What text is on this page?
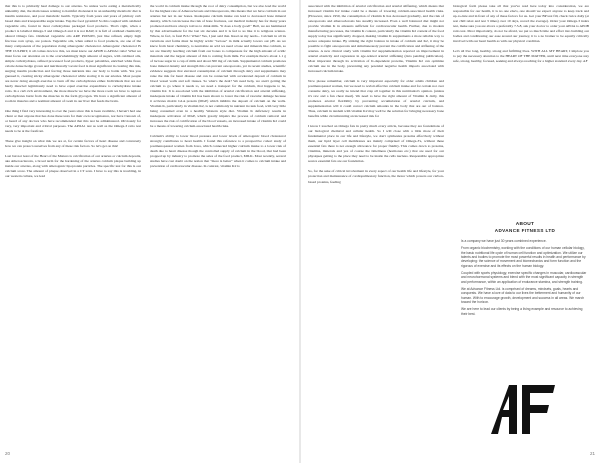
that this is to primarily heal damage to our arteries. So unless we're eating a metabolically unhealthy diet, the main issues relating to harmful cholesterol in an unhealthy metabolic diet is insulin resistance, and poor metabolic health. Typically from years and years of primary carb based diets and irresponsible sugar intake. Yup the food pyramid! So this coupled with oxidized vegetable oils, found in most carbohydrate packaged food products. That's right, when a product is labelled Omega-3 and Omega-6 and it is not RAW, it is full of oxidized chemically altered Omega fats. Oxidized vegetable oils ARE POISON, just like refined, empty high fructose corn syrup, are poison. Vegetable oils, when added to food products, are one of the many components of the population rising atherogenic cholesterol. Atherogenic cholesterol IS THE CULPRIT, it all comes down to this, we must know our APOB to APOA1 ratio! What we must focus our attention on is the overwhelmingly high amount of sugars, with oxidized oils, simple carbohydrates, refined processed food products, hyper palatables, enriched white flour, calorie dense hedge grown and nutritionally vacant food is most significant in creating this risk, surging insulin production and forcing those nutrients into our body to battle with. Yes you guessed it, creating sticky atherogenic cholesterol while storing it in our arteries. Most people are never doing enough exercise to burn off the carbohydrates either. Individuals that are not hardy muscled legitimately need to have equal exercise expenditure to carbohydrate intake ratio. In a carb rich environment, the more muscle we have the more room we have to replace carbohydrates burnt from the muscles in the form glycogen. We have a significant amount of room in muscles and a nominal amount of room in our liver that feeds the brain.

One thing I find very interesting is over the years since this is been available, I haven't had one client or met anyone that has done these tests for their own recognisance, nor have I known of, or heard of any doctors who have recommended that this test be administered. Obviously for very, very important and critical purposes. The APOA1 test as well as the Omega-3 ratio test needs to be at the forefront.

These give insight on what risk we are at, for certain factors of heart disease and conversely how we can protect ourselves from any of these risk factors. So let's get on this!

Last but not least of the Heart of the Matters is calcification of our arteries or calcium deposits, aka Atherosclerosis, a broad term for the hardening of the arteries calcium plaque building up inside our arteries, along with atherogenic lipoprotein particles. The specific test for this is our calcium score. The amount of plaque observed in a CT scan. I have to say this is troubling, in our western culture, we lead

the world in calcium intake through the root of dairy consumption, but we also lead the world for the highest rate of Atherosclerosis and Osteoporosis, this means that we have calcium in our arteries but not in our bones. Inadequate calcium intake can lead to decreased bone mineral density, which can increase the risk of bone fractures, our medical industry has for many years promoted and have always told us to drink milk. "It does a body good!" Hell, we are hammered by that advertisement for the last six decades and it is fed to us like it is religious science. Where, in fact, is fatal B.S.! What? Yes, I just said that. Read on my nerds... Calcium in all its variations and forms must be highly acidic "lactose" in milk actually lowers our pH. As we know from basic chemistry, to neutralize an acid we need a base and minerals like calcium, so we are literally leaching calcium from our bones to compensate for the high amount of acidic materials and the largest amount of this is coming from milk. For example there's about 1.1 g of lactose sugar in a cup of milk and about 300 mg of calcium. Supplemental calcium promotes bone mineral density and strength this can prevent osteoporosis, yet in recent studies, scientific evidence suggests that elevated consumption of calcium through dairy and supplements may raise the risk for heart disease and can be connected with accelerated deposit of calcium in blood vessel walls and soft tissues. So what's the deal? We need help, we aren't getting the calcium to go where it needs to, we need a transport for the calcium, that happens to be, vitamin K2. It is associated with the inhibition of arterial calcification and arterial stiffening, inadequate intake of vitamin K2 has been shown to lower the risk of vascular damage because it activates matrix GLA protein (MGP) which inhibits the deposit of calcium on the walls. Vitamin K, particularly in vitamin K2, is not commonly in nutrient in rank food, with very little being consumed even in a healthy Western style diet. Vitamin K deficiency results in inadequate activation of MGP, which greatly impairs the process of calcium removal and increases the risk of calcification of the blood vessels, an increased intake of vitamin K2 could be a means of lowering calcium-associated health risks.

Calcium's ability to lower blood pressure and lower levels of atherogenic blood cholesterol strongly contributes to heart health. I found this reference to a prospective cohort study of postmenopausal women from Iowa, which connected higher calcium intake to a lower risk of death due to heart disease though the controlled supply of calcium in the blood, that had been propped up by industry to promote the sales of the food product, MILK. Most recently, several studies have cast doubt on the notion that "more is better" when it comes to calcium intake and prevention of cardiovascular disease. In contrast, vitamin K2 is

20

associated with the inhibition of arterial calcification and arterial stiffening, which means that increased vitamin K2 intake could be a means of lowering calcium-associated health risks. (However, since 1950, the consumption of vitamin K has decreased gradually, and the risk of osteoporosis and atherosclerosis has steadily increased. Even a well balanced diet might not provide vitamin K in amounts sufficient for cardiovascular health. Further, due to modern manufacturing processes, the vitamin K content, particularly the vitamin K2 content of the food supply today has significantly dropped, making vitamin K supplements a more reliable way to secure adequate intake. By striking the right balance in intake of calcium and K2, it may be possible to fight osteoporosis and simultaneously prevent the calcification and stiffening of the arteries. A new clinical study with vitamin K2 supplementation reported an improvement in arterial elasticity and regression in age-related arterial stiffening (data pending publication). Most important through its activation of K-dependent proteins, Vitamin K2 can optimize calcium use in the body, preventing any potential negative health impacts associated with increased calcium intake.

Now please remember, calcium is very important especially for older adults children and postmenopausal women, but we need to revisit effective calcium intake and for certain not over consume dairy, we really no intend that crap all together in this nutritionist's opinion. (unless it's raw and a fun cheat meal). We need to have the right amount of Vitamin K daily, this promotes arterial flexibility by preventing accumulation of arterial calcium, and supplementation will it could correct calcium amounts in the body that are out of balance. Thus, calcium in tandem with vitamin K2 may well be the solution for bringing necessary bone benefits while circumventing an increased risk for

I know I touched on Omega fats in pretty much every article, because they are foundations of our biological chemical and cellular health. So I will close with a little more of their fundamental place in our life and lifestyle, we don't synthesize proteins effectively without them, our lipid layer cell membranes are mainly comprised of Omega-3's, without these essential fats there is not enough allowance for proper fluidity. This comes down to proteins, vitamins, minerals and yes of course the timeliness (hormones etc.) that are used for our physiques getting to the place they need to be inside the cells nucleus. Responsible appropriate source essential fats are our foundation.

So, for the sake of critical involvement in every aspect of our health life and lifestyle, for your protection and maintenance of cardiopulmonary function, the motor which powers our carbon-based proteins, feeding

biological form please take all that you've read here today into consideration, we are responsible for our health, it is no one else's, one should we expect anyone to keep track and up-to-date and in front of any of these factors for us. Get your BP test fill, check twice daily (at rest chill relax and test 3 times) over 10 days, record the average). Order your Omega-3 index test, make sure you are above a preferably 7.5-8, ask your doctor to order your APOA to APOB ratio test. Most importantly, do not be afraid, we put so much time and effort into building our bodies and conditioning our ease around our journey, it is a no brainer to be equally critically involved with our heart health as with our physical condition.

Let's all live long, healthy, strong and fulfilling lives. WITH ALL MY HEART, I implore you to pay the necessary attention to the HEART OF THE MATTER, until next time everyone stay safe, strong, healthy, focused, seeking and always reaching for a higher standard every day. AF

ABOUT
ADVANCE FITNESS LTD

Is a company we have just 30 years combined experience.

From organic biochemistry, working with the conditions of our human cellular biology, the basic nutritional life cycle of human cell function and optimization. We utilize our talents and bodies to promote the most powerful results in health and performance by developing: the science of movement and biomechanics and form function and the rigorous of exercise and its effects on the human biology.

Coupled with sports physiology, exercise specific changes in muscular, cardiovascular and neurohormonal systems and blend with the most significant capacity in strength and performance, within an application of endurance stamina, and strength training.

We at Advance Fitness Ltd. is comprised of dreams, mindsets, goals, hearts and conquests. We have a love of data to our lives the betterment and humanity of our human. With to encourage growth, development and success in all areas. We march toward the horizon.

We are here to lead our clients by being a living example and resource to achieving their best.

21
